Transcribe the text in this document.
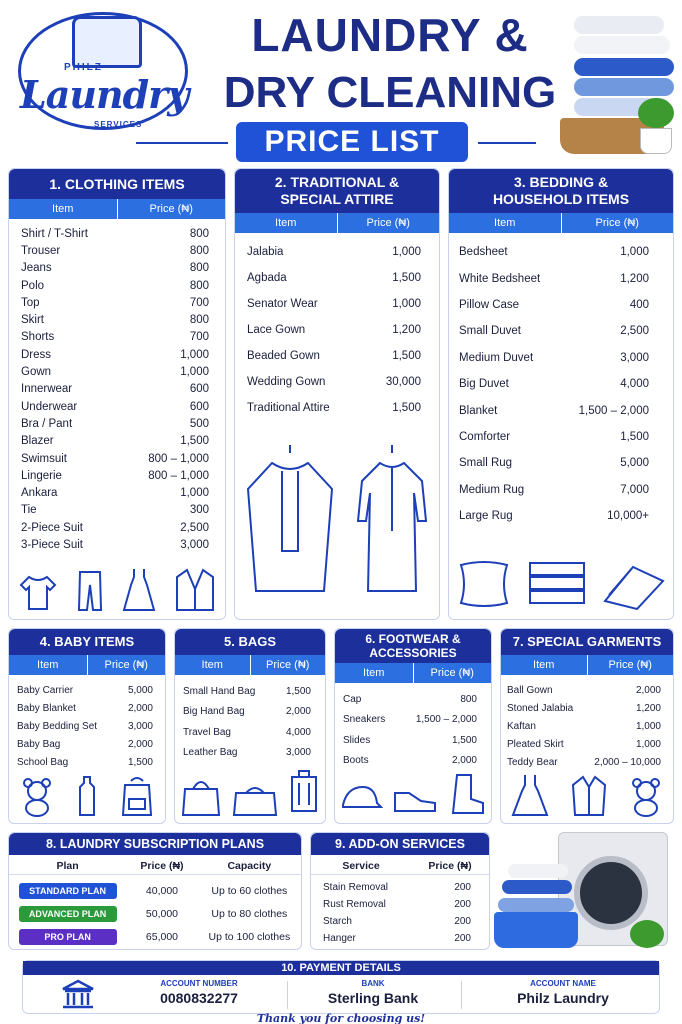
PHILZ
Laundry
SERVICES
LAUNDRY &
DRY CLEANING
PRICE LIST
1. CLOTHING ITEMS
Item	Price (₦)
Shirt / T-Shirt	800
Trouser	800
Jeans	800
Polo	800
Top	700
Skirt	800
Shorts	700
Dress	1,000
Gown	1,000
Innerwear	600
Underwear	600
Bra / Pant	500
Blazer	1,500
Swimsuit	800 – 1,000
Lingerie	800 – 1,000
Ankara	1,000
Tie	300
2-Piece Suit	2,500
3-Piece Suit	3,000
2. TRADITIONAL &
SPECIAL ATTIRE
Item	Price (₦)
Jalabia	1,000
Agbada	1,500
Senator Wear	1,000
Lace Gown	1,200
Beaded Gown	1,500
Wedding Gown	30,000
Traditional Attire	1,500
3. BEDDING &
HOUSEHOLD ITEMS
Item	Price (₦)
Bedsheet	1,000
White Bedsheet	1,200
Pillow Case	400
Small Duvet	2,500
Medium Duvet	3,000
Big Duvet	4,000
Blanket	1,500 – 2,000
Comforter	1,500
Small Rug	5,000
Medium Rug	7,000
Large Rug	10,000+
4. BABY ITEMS
Item	Price (₦)
Baby Carrier	5,000
Baby Blanket	2,000
Baby Bedding Set	3,000
Baby Bag	2,000
School Bag	1,500
5. BAGS
Item	Price (₦)
Small Hand Bag	1,500
Big Hand Bag	2,000
Travel Bag	4,000
Leather Bag	3,000
6. FOOTWEAR &
ACCESSORIES
Item	Price (₦)
Cap	800
Sneakers	1,500 – 2,000
Slides	1,500
Boots	2,000
7. SPECIAL GARMENTS
Item	Price (₦)
Ball Gown	2,000
Stoned Jalabia	1,200
Kaftan	1,000
Pleated Skirt	1,000
Teddy Bear	2,000 – 10,000
8. LAUNDRY SUBSCRIPTION PLANS
Plan	Price (₦)	Capacity
STANDARD PLAN	40,000	Up to 60 clothes
ADVANCED PLAN	50,000	Up to 80 clothes
PRO PLAN	65,000	Up to 100 clothes
9. ADD-ON SERVICES
Service	Price (₦)
Stain Removal	200
Rust Removal	200
Starch	200
Hanger	200
10. PAYMENT DETAILS
ACCOUNT NUMBER
0080832277
BANK
Sterling Bank
ACCOUNT NAME
Philz Laundry
Thank you for choosing us!
